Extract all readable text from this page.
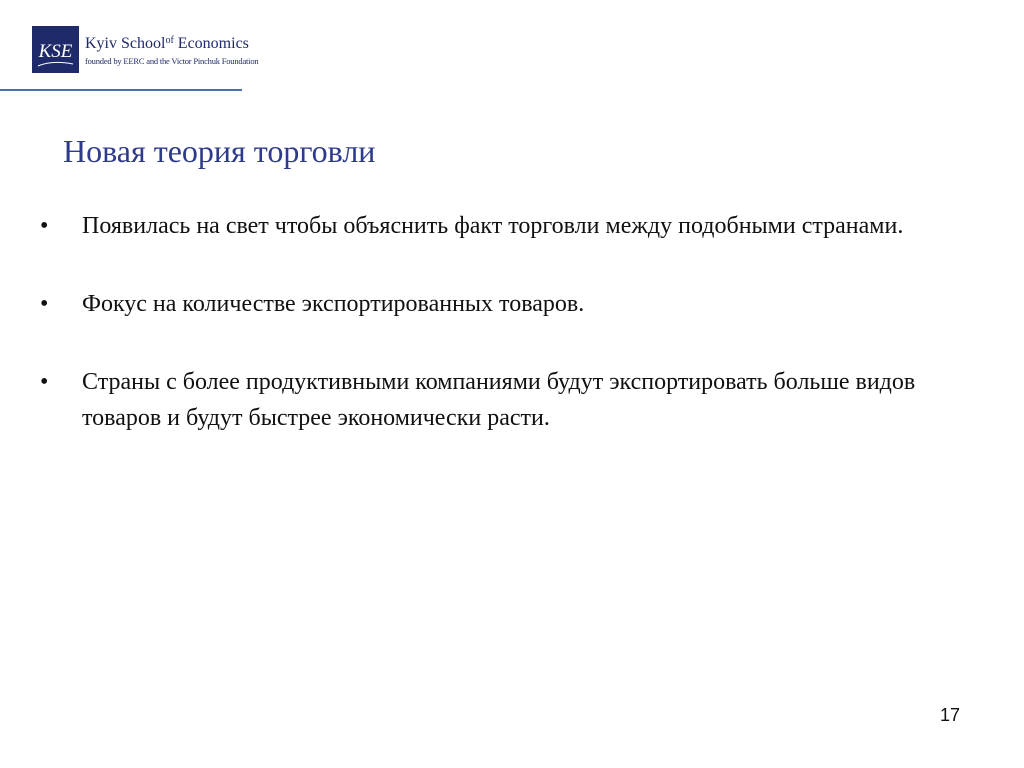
KSE Kyiv School$^{of}$ Economics
founded by EERC and the Victor Pinchuk Foundation
Новая теория торговли
• Появилась на свет чтобы объяснить факт торговли между подобными странами.
• Фокус на количестве экспортированных товаров.
• Страны с более продуктивными компаниями будут экспортировать больше видов товаров и будут быстрее экономически расти.
17
